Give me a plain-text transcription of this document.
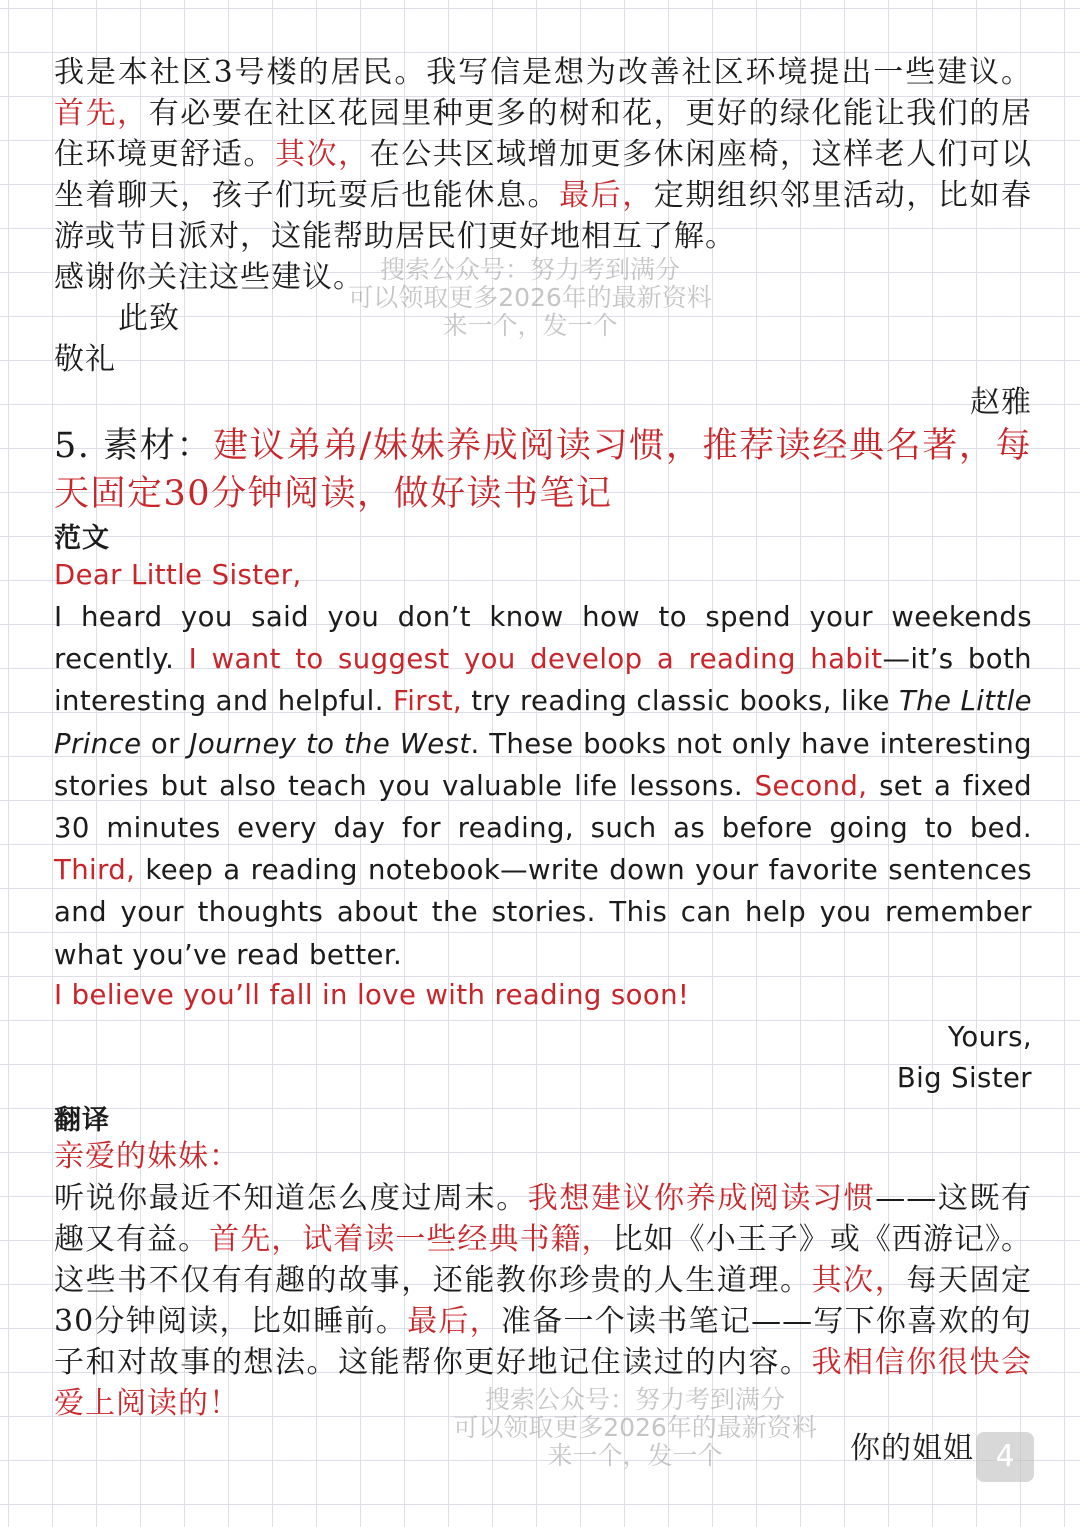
我是本社区3号楼的居民。我写信是想为改善社区环境提出一些建议。首先，有必要在社区花园里种更多的树和花，更好的绿化能让我们的居住环境更舒适。其次，在公共区域增加更多休闲座椅，这样老人们可以坐着聊天，孩子们玩耍后也能休息。最后，定期组织邻里活动，比如春游或节日派对，这能帮助居民们更好地相互了解。
感谢你关注这些建议。
此致
敬礼
赵雅
5. 素材：建议弟弟/妹妹养成阅读习惯，推荐读经典名著，每天固定30分钟阅读，做好读书笔记
范文
Dear Little Sister,
I heard you said you don’t know how to spend your weekends recently. I want to suggest you develop a reading habit—it’s both interesting and helpful. First, try reading classic books, like The Little Prince or Journey to the West. These books not only have interesting stories but also teach you valuable life lessons. Second, set a fixed 30 minutes every day for reading, such as before going to bed. Third, keep a reading notebook—write down your favorite sentences and your thoughts about the stories. This can help you remember what you’ve read better.
I believe you’ll fall in love with reading soon!
Yours,
Big Sister
翻译
亲爱的妹妹：
听说你最近不知道怎么度过周末。我想建议你养成阅读习惯——这既有趣又有益。首先，试着读一些经典书籍，比如《小王子》或《西游记》。这些书不仅有有趣的故事，还能教你珍贵的人生道理。其次，每天固定30分钟阅读，比如睡前。最后，准备一个读书笔记——写下你喜欢的句子和对故事的想法。这能帮你更好地记住读过的内容。我相信你很快会爱上阅读的！
你的姐姐
搜索公众号：努力考到满分
可以领取更多2026年的最新资料
来一个，发一个
搜索公众号：努力考到满分
可以领取更多2026年的最新资料
来一个，发一个	4
